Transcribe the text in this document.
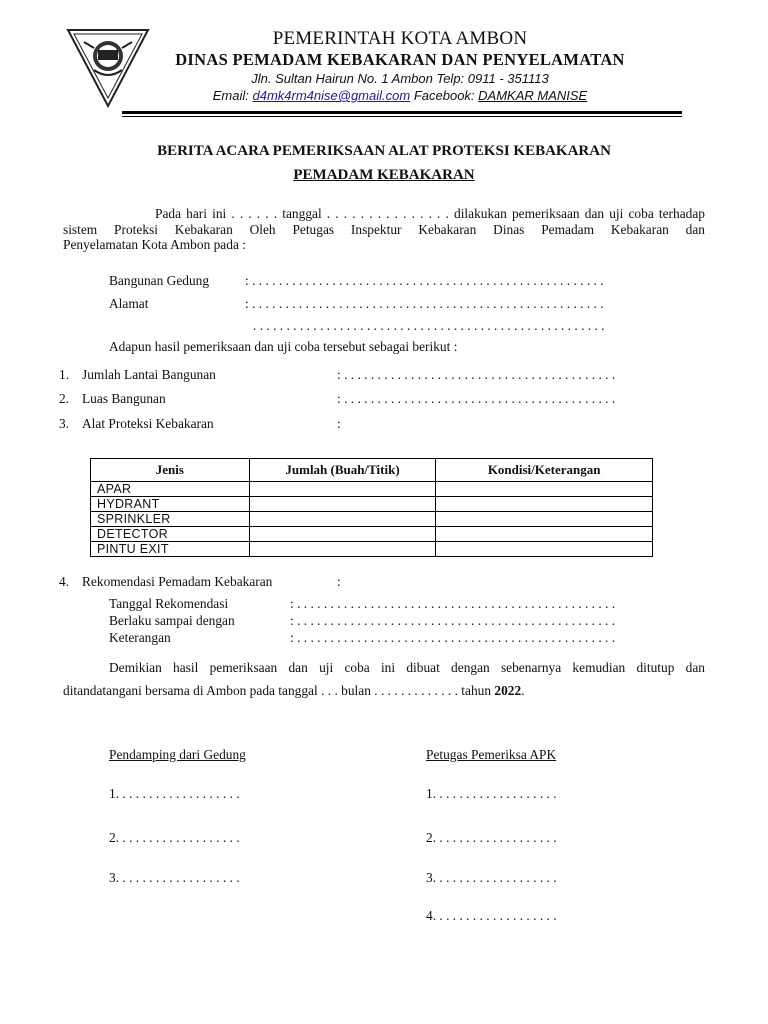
PEMERINTAH KOTA AMBON
DINAS PEMADAM KEBAKARAN DAN PENYELAMATAN
Jln. Sultan Hairun No. 1 Ambon Telp: 0911 - 351113
Email: d4mk4rm4nise@gmail.com Facebook: DAMKAR MANISE
BERITA ACARA PEMERIKSAAN ALAT PROTEKSI KEBAKARAN
PEMADAM KEBAKARAN
Pada hari ini . . . . . . tanggal . . . . . . . . . . . . . . . dilakukan pemeriksaan dan uji coba terhadap
sistem Proteksi Kebakaran Oleh Petugas Inspektur Kebakaran Dinas Pemadam Kebakaran dan
Penyelamatan Kota Ambon pada :
Bangunan Gedung	: . . . . . . . . . . . . . . . . . . . . . . . . . . . . . . . . . . . . . . . . . . . . . . . . . . . . .
Alamat	: . . . . . . . . . . . . . . . . . . . . . . . . . . . . . . . . . . . . . . . . . . . . . . . . . . . . .
. . . . . . . . . . . . . . . . . . . . . . . . . . . . . . . . . . . . . . . . . . . . . . . . . . . . .
Adapun hasil pemeriksaan dan uji coba tersebut sebagai berikut :
1. Jumlah Lantai Bangunan	: . . . . . . . . . . . . . . . . . . . . . . . . . . . . . . . . . . . . . . . . .
2. Luas Bangunan	: . . . . . . . . . . . . . . . . . . . . . . . . . . . . . . . . . . . . . . . . .
3. Alat Proteksi Kebakaran	:
Jenis	Jumlah (Buah/Titik)	Kondisi/Keterangan
APAR		
HYDRANT		
SPRINKLER		
DETECTOR		
PINTU EXIT		
4. Rekomendasi Pemadam Kebakaran	:
Tanggal Rekomendasi	: . . . . . . . . . . . . . . . . . . . . . . . . . . . . . . . . . . . . . . . . . . . . . . . .
Berlaku sampai dengan	: . . . . . . . . . . . . . . . . . . . . . . . . . . . . . . . . . . . . . . . . . . . . . . . .
Keterangan	: . . . . . . . . . . . . . . . . . . . . . . . . . . . . . . . . . . . . . . . . . . . . . . . .
Demikian hasil pemeriksaan dan uji coba ini dibuat dengan sebenarnya kemudian ditutup dan
ditandatangani bersama di Ambon pada tanggal . . . bulan . . . . . . . . . . . . . tahun 2022.
Pendamping dari Gedung	Petugas Pemeriksa APK
1. . . . . . . . . . . . . . . . . . .
2. . . . . . . . . . . . . . . . . . .
3. . . . . . . . . . . . . . . . . . .
1. . . . . . . . . . . . . . . . . . .
2. . . . . . . . . . . . . . . . . . .
3. . . . . . . . . . . . . . . . . . .
4. . . . . . . . . . . . . . . . . . .
